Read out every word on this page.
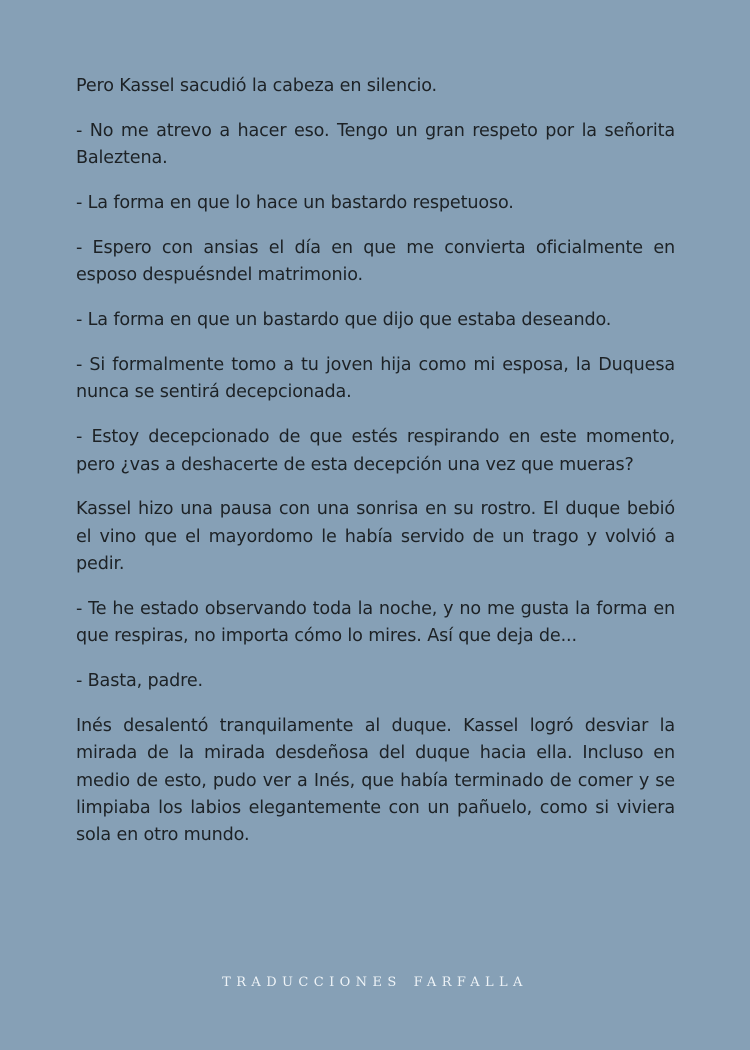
Pero Kassel sacudió la cabeza en silencio.

- No me atrevo a hacer eso. Tengo un gran respeto por la señorita Baleztena.

- La forma en que lo hace un bastardo respetuoso.

- Espero con ansias el día en que me convierta oficialmente en esposo despuésndel matrimonio.

- La forma en que un bastardo que dijo que estaba deseando.

- Si formalmente tomo a tu joven hija como mi esposa, la Duquesa nunca se sentirá decepcionada.

- Estoy decepcionado de que estés respirando en este momento, pero ¿vas a deshacerte de esta decepción una vez que mueras?

Kassel hizo una pausa con una sonrisa en su rostro. El duque bebió el vino que el mayordomo le había servido de un trago y volvió a pedir.

- Te he estado observando toda la noche, y no me gusta la forma en que respiras, no importa cómo lo mires. Así que deja de...

- Basta, padre.

Inés desalentó tranquilamente al duque. Kassel logró desviar la mirada de la mirada desdeñosa del duque hacia ella. Incluso en medio de esto, pudo ver a Inés, que había terminado de comer y se limpiaba los labios elegantemente con un pañuelo, como si viviera sola en otro mundo.

TRADUCCIONES FARFALLA
